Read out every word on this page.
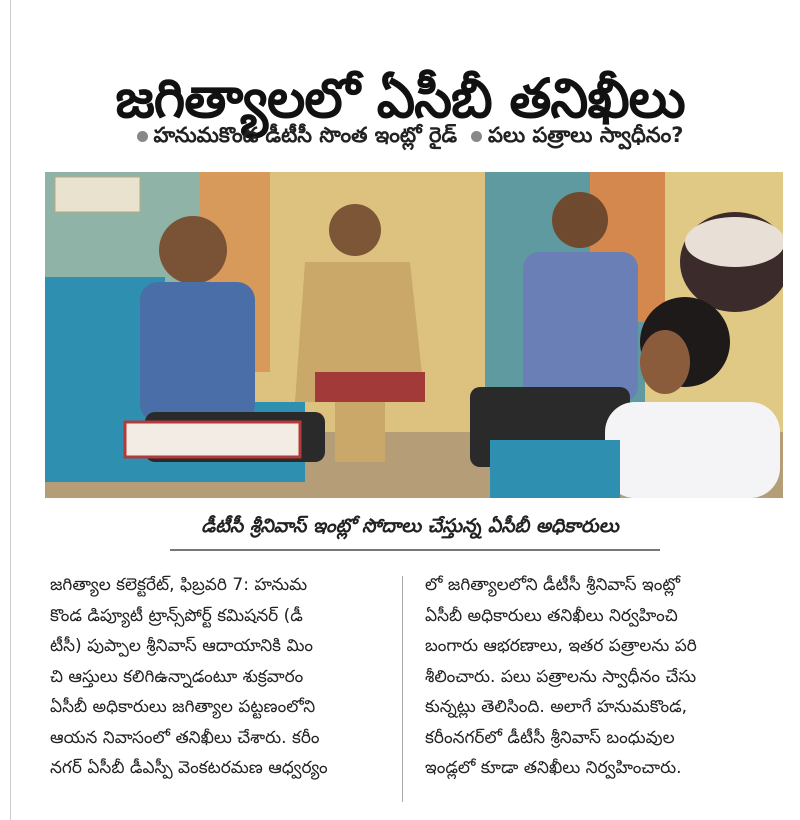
జగిత్యాలలో ఏసీబీ తనిఖీలు
హనుమకొండ డీటీసీ సొంత ఇంట్లో రైడ్	పలు పత్రాలు స్వాధీనం?
డీటీసీ శ్రీనివాస్ ఇంట్లో సోదాలు చేస్తున్న ఏసీబీ అధికారులు
జగిత్యాల కలెక్టరేట్, ఫిబ్రవరి 7: హనుమ
కొండ డిప్యూటీ ట్రాన్స్‌పోర్ట్ కమిషనర్ (డీ
టీసీ) పుప్పాల శ్రీనివాస్ ఆదాయానికి మిం
చి ఆస్తులు కలిగిఉన్నాడంటూ శుక్రవారం
ఏసీబీ అధికారులు జగిత్యాల పట్టణంలోని
ఆయన నివాసంలో తనిఖీలు చేశారు. కరీం
నగర్ ఏసీబీ డీఎస్పీ వెంకటరమణ ఆధ్వర్యం
లో జగిత్యాలలోని డీటీసీ శ్రీనివాస్ ఇంట్లో
ఏసీబీ అధికారులు తనిఖీలు నిర్వహించి
బంగారు ఆభరణాలు, ఇతర పత్రాలను పరి
శీలించారు. పలు పత్రాలను స్వాధీనం చేసు
కున్నట్లు తెలిసింది. అలాగే హనుమకొండ,
కరీంనగర్‌లో డీటీసీ శ్రీనివాస్ బంధువుల
ఇండ్లలో కూడా తనిఖీలు నిర్వహించారు.
